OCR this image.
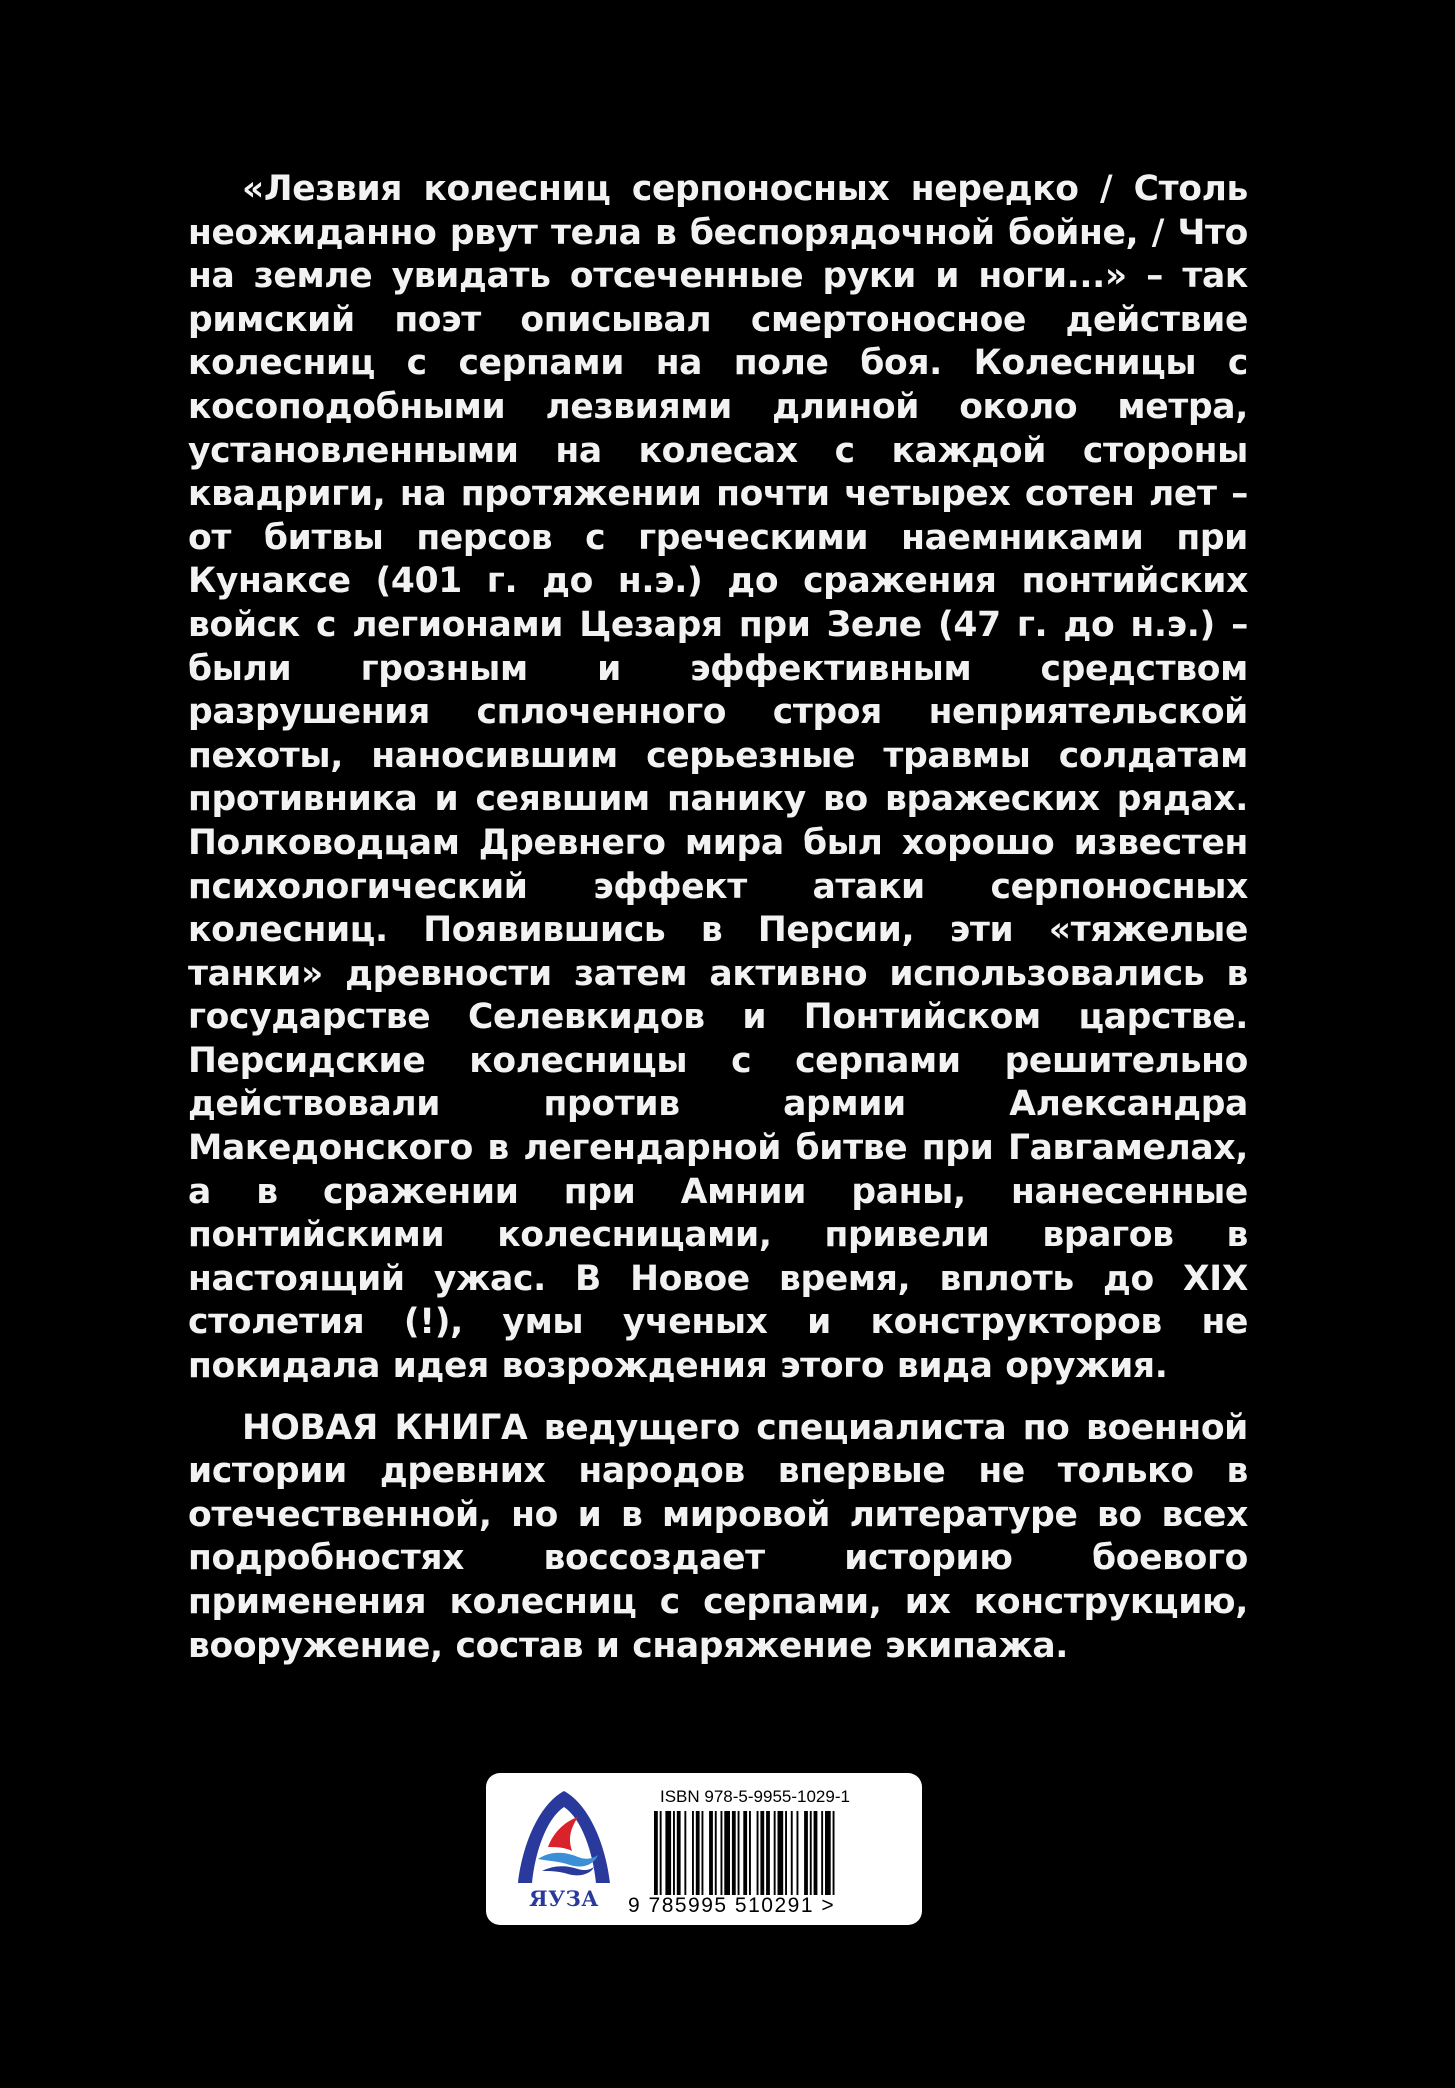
«Лезвия колесниц серпоносных нередко / Столь неожиданно рвут тела в беспорядочной бойне, / Что на земле увидать отсеченные руки и ноги...» – так римский поэт описывал смертоносное действие колесниц с серпами на поле боя. Колесницы с косоподобными лезвиями длиной около метра, установленными на колесах с каждой стороны квадриги, на протяжении почти четырех сотен лет – от битвы персов с греческими наемниками при Кунаксе (401 г. до н.э.) до сражения понтийских войск с легионами Цезаря при Зеле (47 г. до н.э.) – были грозным и эффективным средством разрушения сплоченного строя неприятельской пехоты, наносившим серьезные травмы солдатам противника и сеявшим панику во вражеских рядах. Полководцам Древнего мира был хорошо известен психологический эффект атаки серпоносных колесниц. Появившись в Персии, эти «тяжелые танки» древности затем активно использовались в государстве Селевкидов и Понтийском царстве. Персидские колесницы с серпами решительно действовали против армии Александра Македонского в легендарной битве при Гавгамелах, а в сражении при Амнии раны, нанесенные понтийскими колесницами, привели врагов в настоящий ужас. В Новое время, вплоть до XIX столетия (!), умы ученых и конструкторов не покидала идея возрождения этого вида оружия.

НОВАЯ КНИГА ведущего специалиста по военной истории древних народов впервые не только в отечественной, но и в мировой литературе во всех подробностях воссоздает историю боевого применения колесниц с серпами, их конструкцию, вооружение, состав и снаряжение экипажа.

ЯУЗА
ISBN 978-5-9955-1029-1
9 785995 510291 >
